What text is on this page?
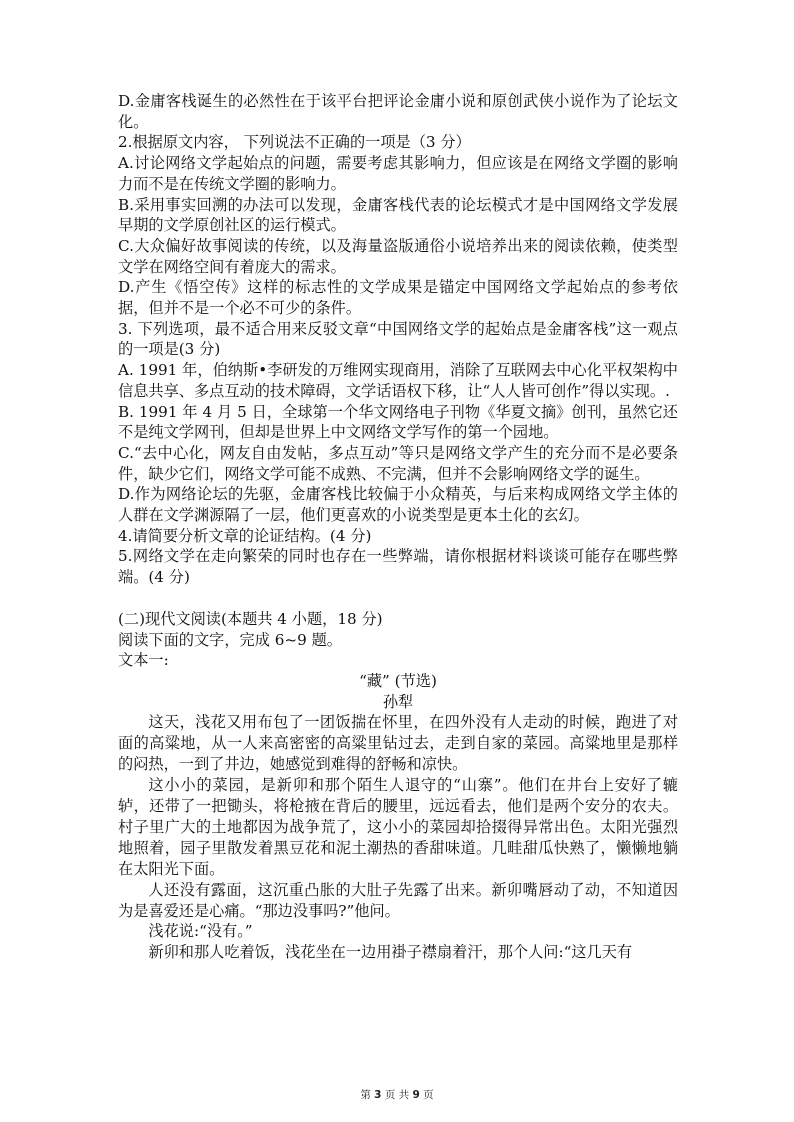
D.金庸客栈诞生的必然性在于该平台把评论金庸小说和原创武侠小说作为了论坛文化。

2.根据原文内容， 下列说法不正确的一项是（3 分）

A.讨论网络文学起始点的问题，需要考虑其影响力，但应该是在网络文学圈的影响力而不是在传统文学圈的影响力。

B.采用事实回溯的办法可以发现，金庸客栈代表的论坛模式才是中国网络文学发展早期的文学原创社区的运行模式。

C.大众偏好故事阅读的传统，以及海量盗版通俗小说培养出来的阅读依赖，使类型文学在网络空间有着庞大的需求。

D.产生《悟空传》这样的标志性的文学成果是锚定中国网络文学起始点的参考依据，但并不是一个必不可少的条件。

3. 下列选项，最不适合用来反驳文章“中国网络文学的起始点是金庸客栈”这一观点的一项是(3 分)

A. 1991 年，伯纳斯•李研发的万维网实现商用，消除了互联网去中心化平权架构中信息共享、多点互动的技术障碍，文学话语权下移，让“人人皆可创作”得以实现。.

B. 1991 年 4 月 5 日，全球第一个华文网络电子刊物《华夏文摘》创刊，虽然它还不是纯文学网刊，但却是世界上中文网络文学写作的第一个园地。

C.“去中心化，网友自由发帖，多点互动”等只是网络文学产生的充分而不是必要条件，缺少它们，网络文学可能不成熟、不完满，但并不会影响网络文学的诞生。

D.作为网络论坛的先驱，金庸客栈比较偏于小众精英，与后来构成网络文学主体的人群在文学渊源隔了一层，他们更喜欢的小说类型是更本土化的玄幻。

4.请简要分析文章的论证结构。(4 分)

5.网络文学在走向繁荣的同时也存在一些弊端，请你根据材料谈谈可能存在哪些弊端。(4 分)

(二)现代文阅读(本题共 4 小题，18 分)

阅读下面的文字，完成 6~9 题。

文本一:

“藏” (节选)

孙犁

这天，浅花又用布包了一团饭揣在怀里，在四外没有人走动的时候，跑进了对面的高粱地，从一人来高密密的高粱里钻过去，走到自家的菜园。高粱地里是那样的闷热，一到了井边，她感觉到难得的舒畅和凉快。

这小小的菜园，是新卯和那个陌生人退守的“山寨”。他们在井台上安好了辘轳，还带了一把锄头，将枪掖在背后的腰里，远远看去，他们是两个安分的农夫。村子里广大的土地都因为战争荒了，这小小的菜园却拾掇得异常出色。太阳光强烈地照着，园子里散发着黑豆花和泥土潮热的香甜味道。几畦甜瓜快熟了，懒懒地躺在太阳光下面。

人还没有露面，这沉重凸胀的大肚子先露了出来。新卯嘴唇动了动，不知道因为是喜爱还是心痛。“那边没事吗?”他问。

浅花说:“没有。”

新卯和那人吃着饭，浅花坐在一边用褂子襟扇着汗，那个人问:“这几天有

第 3 页 共 9 页
